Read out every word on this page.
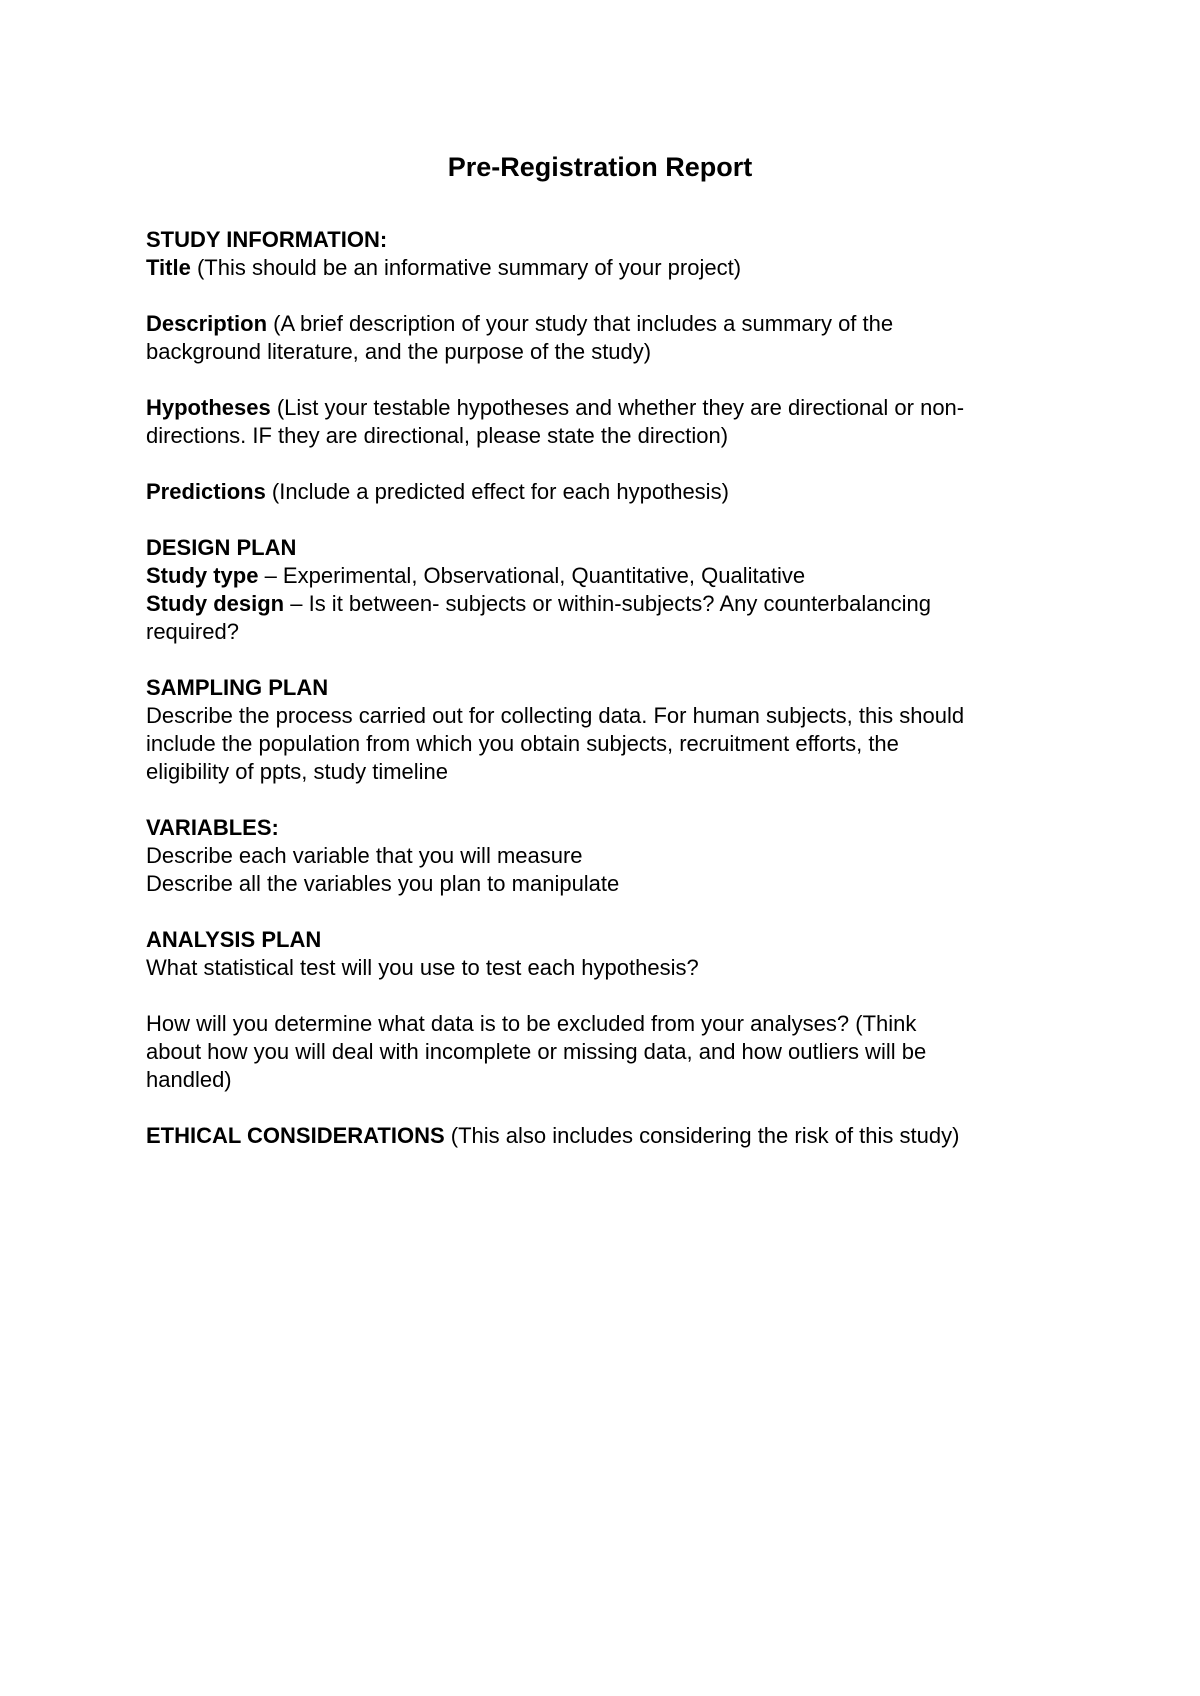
Pre-Registration Report
STUDY INFORMATION:
Title (This should be an informative summary of your project)
Description (A brief description of your study that includes a summary of the
background literature, and the purpose of the study)
Hypotheses (List your testable hypotheses and whether they are directional or non-
directions. IF they are directional, please state the direction)
Predictions (Include a predicted effect for each hypothesis)
DESIGN PLAN
Study type – Experimental, Observational, Quantitative, Qualitative
Study design – Is it between- subjects or within-subjects? Any counterbalancing
required?
SAMPLING PLAN
Describe the process carried out for collecting data. For human subjects, this should
include the population from which you obtain subjects, recruitment efforts, the
eligibility of ppts, study timeline
VARIABLES:
Describe each variable that you will measure
Describe all the variables you plan to manipulate
ANALYSIS PLAN
What statistical test will you use to test each hypothesis?
How will you determine what data is to be excluded from your analyses? (Think
about how you will deal with incomplete or missing data, and how outliers will be
handled)
ETHICAL CONSIDERATIONS (This also includes considering the risk of this study)
